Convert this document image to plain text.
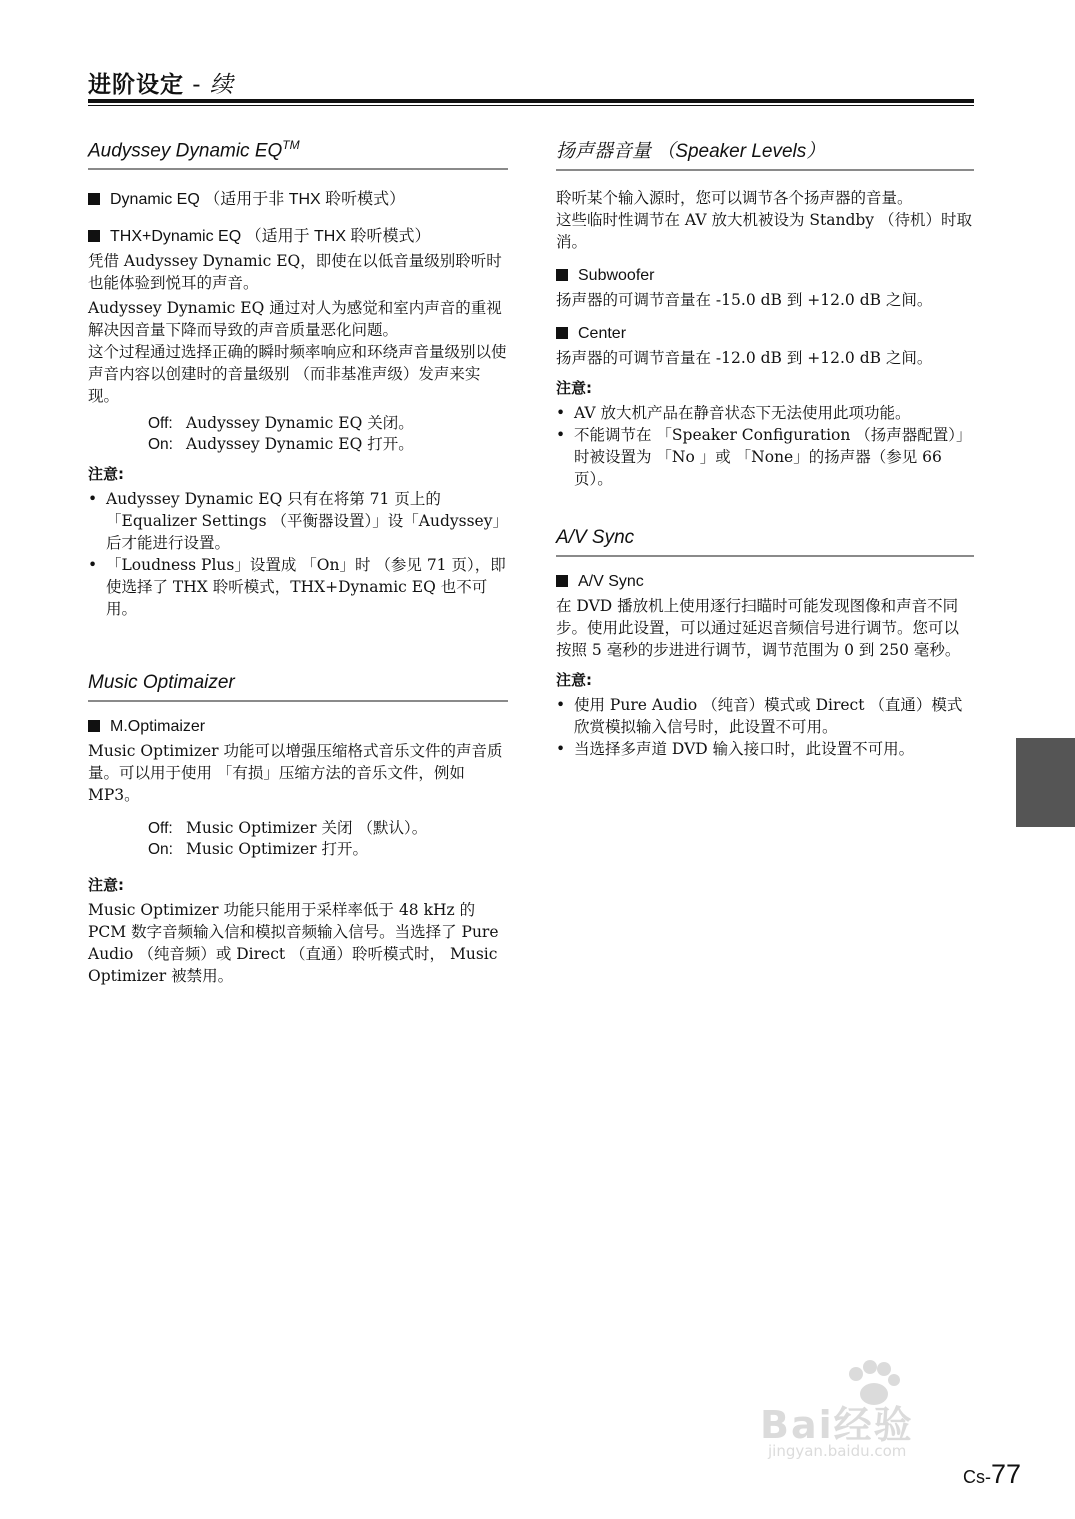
进阶设定 - 续
Audyssey Dynamic EQ™
Dynamic EQ （适用于非 THX 聆听模式）
THX+Dynamic EQ （适用于 THX 聆听模式）

凭借 Audyssey Dynamic EQ，即使在以低音量级别聆听时也能体验到悦耳的声音。

Audyssey Dynamic EQ 通过对人为感觉和室内声音的重视解决因音量下降而导致的声音质量恶化问题。

这个过程通过选择正确的瞬时频率响应和环绕声音量级别以使声音内容以创建时的音量级别 （而非基准声级）发声来实现。

Off: Audyssey Dynamic EQ 关闭。
On: Audyssey Dynamic EQ 打开。
注意:
• Audyssey Dynamic EQ 只有在将第 71 页上的「Equalizer Settings （平衡器设置）」设「Audyssey」后才能进行设置。
• 「Loudness Plus」设置成 「On」时 （参见 71 页），即使选择了 THX 聆听模式，THX+Dynamic EQ 也不可用。
Music Optimaizer
M.Optimaizer

Music Optimizer 功能可以增强压缩格式音乐文件的声音质量。可以用于使用 「有损」压缩方法的音乐文件，例如 MP3。

Off: Music Optimizer 关闭 （默认）。
On: Music Optimizer 打开。
注意:

Music Optimizer 功能只能用于采样率低于 48 kHz 的 PCM 数字音频输入信和模拟音频输入信号。当选择了 Pure Audio （纯音频）或 Direct （直通）聆听模式时， Music Optimizer 被禁用。

扬声器音量 （Speaker Levels）

聆听某个输入源时，您可以调节各个扬声器的音量。

这些临时性调节在 AV 放大机被设为 Standby （待机）时取消。

Subwoofer

扬声器的可调节音量在 -15.0 dB 到 +12.0 dB 之间。

Center

扬声器的可调节音量在 -12.0 dB 到 +12.0 dB 之间。

注意:
• AV 放大机产品在静音状态下无法使用此项功能。
• 不能调节在 「Speaker Configuration （扬声器配置）」时被设置为 「No 」或 「None」的扬声器（参见 66 页）。
A/V Sync
A/V Sync

在 DVD 播放机上使用逐行扫瞄时可能发现图像和声音不同步。使用此设置，可以通过延迟音频信号进行调节。您可以按照 5 毫秒的步进进行调节，调节范围为 0 到 250 毫秒。

注意:
• 使用 Pure Audio （纯音）模式或 Direct （直通）模式欣赏模拟输入信号时，此设置不可用。
• 当选择多声道 DVD 输入接口时，此设置不可用。
Bai经验
jingyan.baidu.com
Cs-77
